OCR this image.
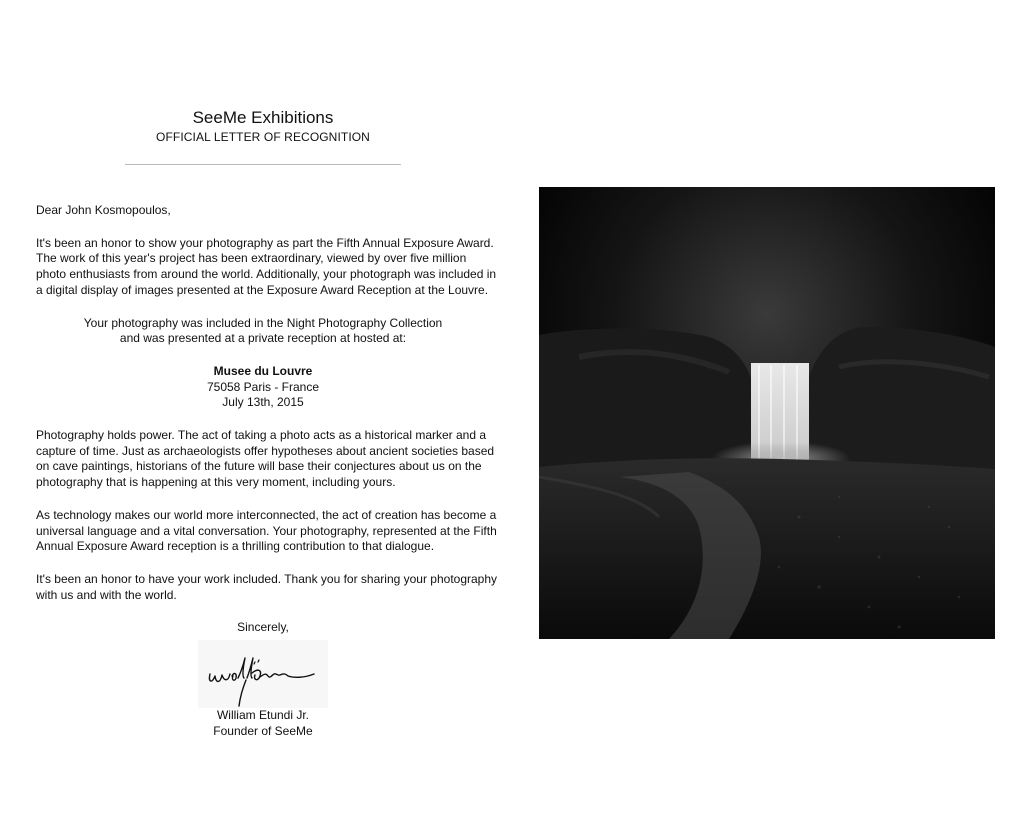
SeeMe Exhibitions
OFFICIAL LETTER OF RECOGNITION

Dear John Kosmopoulos,

It's been an honor to show your photography as part the Fifth Annual Exposure Award. The work of this year's project has been extraordinary, viewed by over five million photo enthusiasts from around the world. Additionally, your photograph was included in a digital display of images presented at the Exposure Award Reception at the Louvre.

Your photography was included in the Night Photography Collection

and was presented at a private reception at hosted at:

Musee du Louvre

75058 Paris - France

July 13th, 2015

Photography holds power. The act of taking a photo acts as a historical marker and a capture of time. Just as archaeologists offer hypotheses about ancient societies based on cave paintings, historians of the future will base their conjectures about us on the photography that is happening at this very moment, including yours.

As technology makes our world more interconnected, the act of creation has become a universal language and a vital conversation. Your photography, represented at the Fifth Annual Exposure Award reception is a thrilling contribution to that dialogue.

It's been an honor to have your work included. Thank you for sharing your photography with us and with the world.

Sincerely,

William Etundi Jr.

Founder of SeeMe
